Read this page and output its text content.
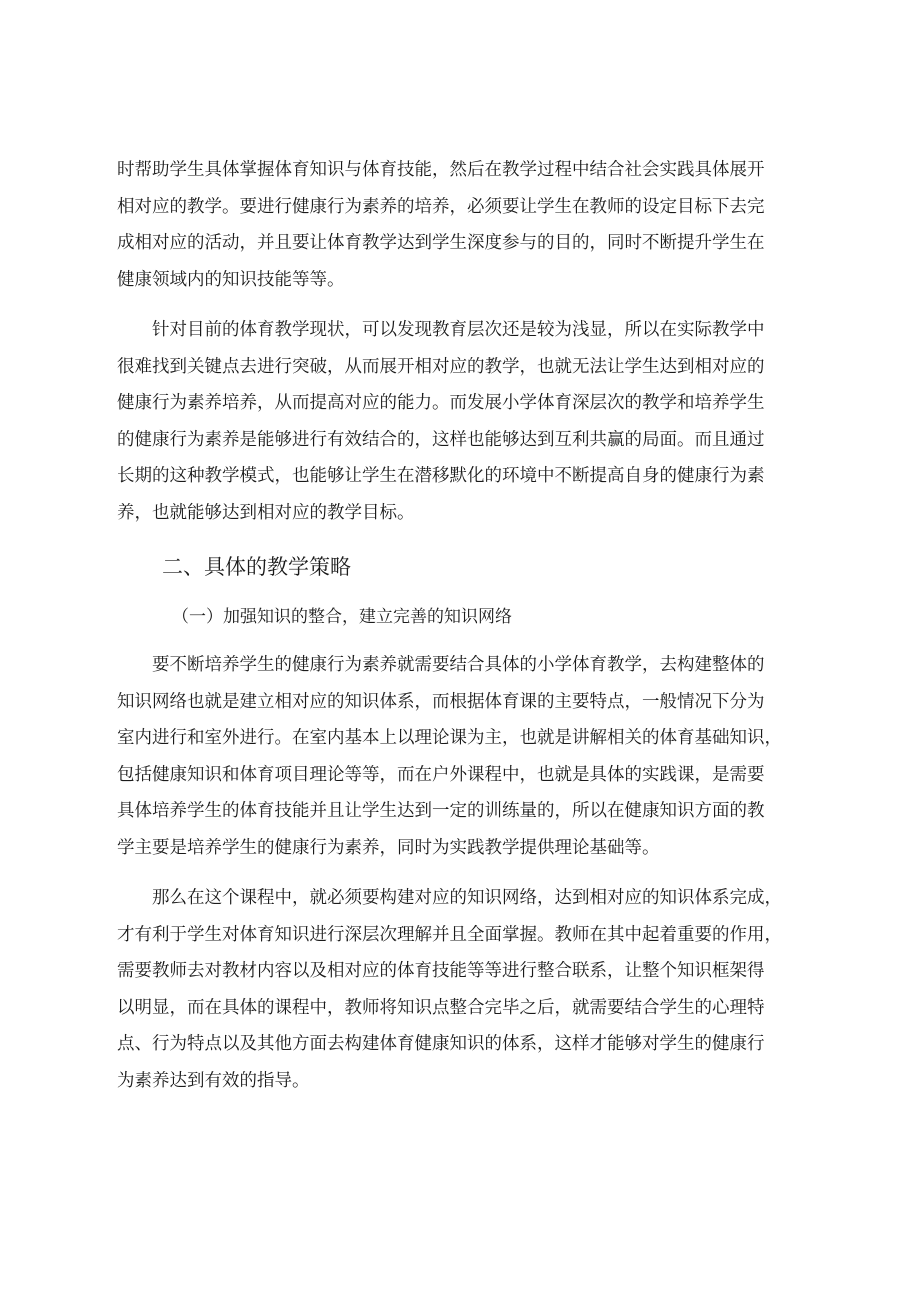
时帮助学生具体掌握体育知识与体育技能，然后在教学过程中结合社会实践具体展开
相对应的教学。要进行健康行为素养的培养，必须要让学生在教师的设定目标下去完
成相对应的活动，并且要让体育教学达到学生深度参与的目的，同时不断提升学生在
健康领域内的知识技能等等。
针对目前的体育教学现状，可以发现教育层次还是较为浅显，所以在实际教学中
很难找到关键点去进行突破，从而展开相对应的教学，也就无法让学生达到相对应的
健康行为素养培养，从而提高对应的能力。而发展小学体育深层次的教学和培养学生
的健康行为素养是能够进行有效结合的，这样也能够达到互利共赢的局面。而且通过
长期的这种教学模式，也能够让学生在潜移默化的环境中不断提高自身的健康行为素
养，也就能够达到相对应的教学目标。
二、具体的教学策略
（一）加强知识的整合，建立完善的知识网络
要不断培养学生的健康行为素养就需要结合具体的小学体育教学，去构建整体的
知识网络也就是建立相对应的知识体系，而根据体育课的主要特点，一般情况下分为
室内进行和室外进行。在室内基本上以理论课为主，也就是讲解相关的体育基础知识，
包括健康知识和体育项目理论等等，而在户外课程中，也就是具体的实践课，是需要
具体培养学生的体育技能并且让学生达到一定的训练量的，所以在健康知识方面的教
学主要是培养学生的健康行为素养，同时为实践教学提供理论基础等。
那么在这个课程中，就必须要构建对应的知识网络，达到相对应的知识体系完成，
才有利于学生对体育知识进行深层次理解并且全面掌握。教师在其中起着重要的作用，
需要教师去对教材内容以及相对应的体育技能等等进行整合联系，让整个知识框架得
以明显，而在具体的课程中，教师将知识点整合完毕之后，就需要结合学生的心理特
点、行为特点以及其他方面去构建体育健康知识的体系，这样才能够对学生的健康行
为素养达到有效的指导。
